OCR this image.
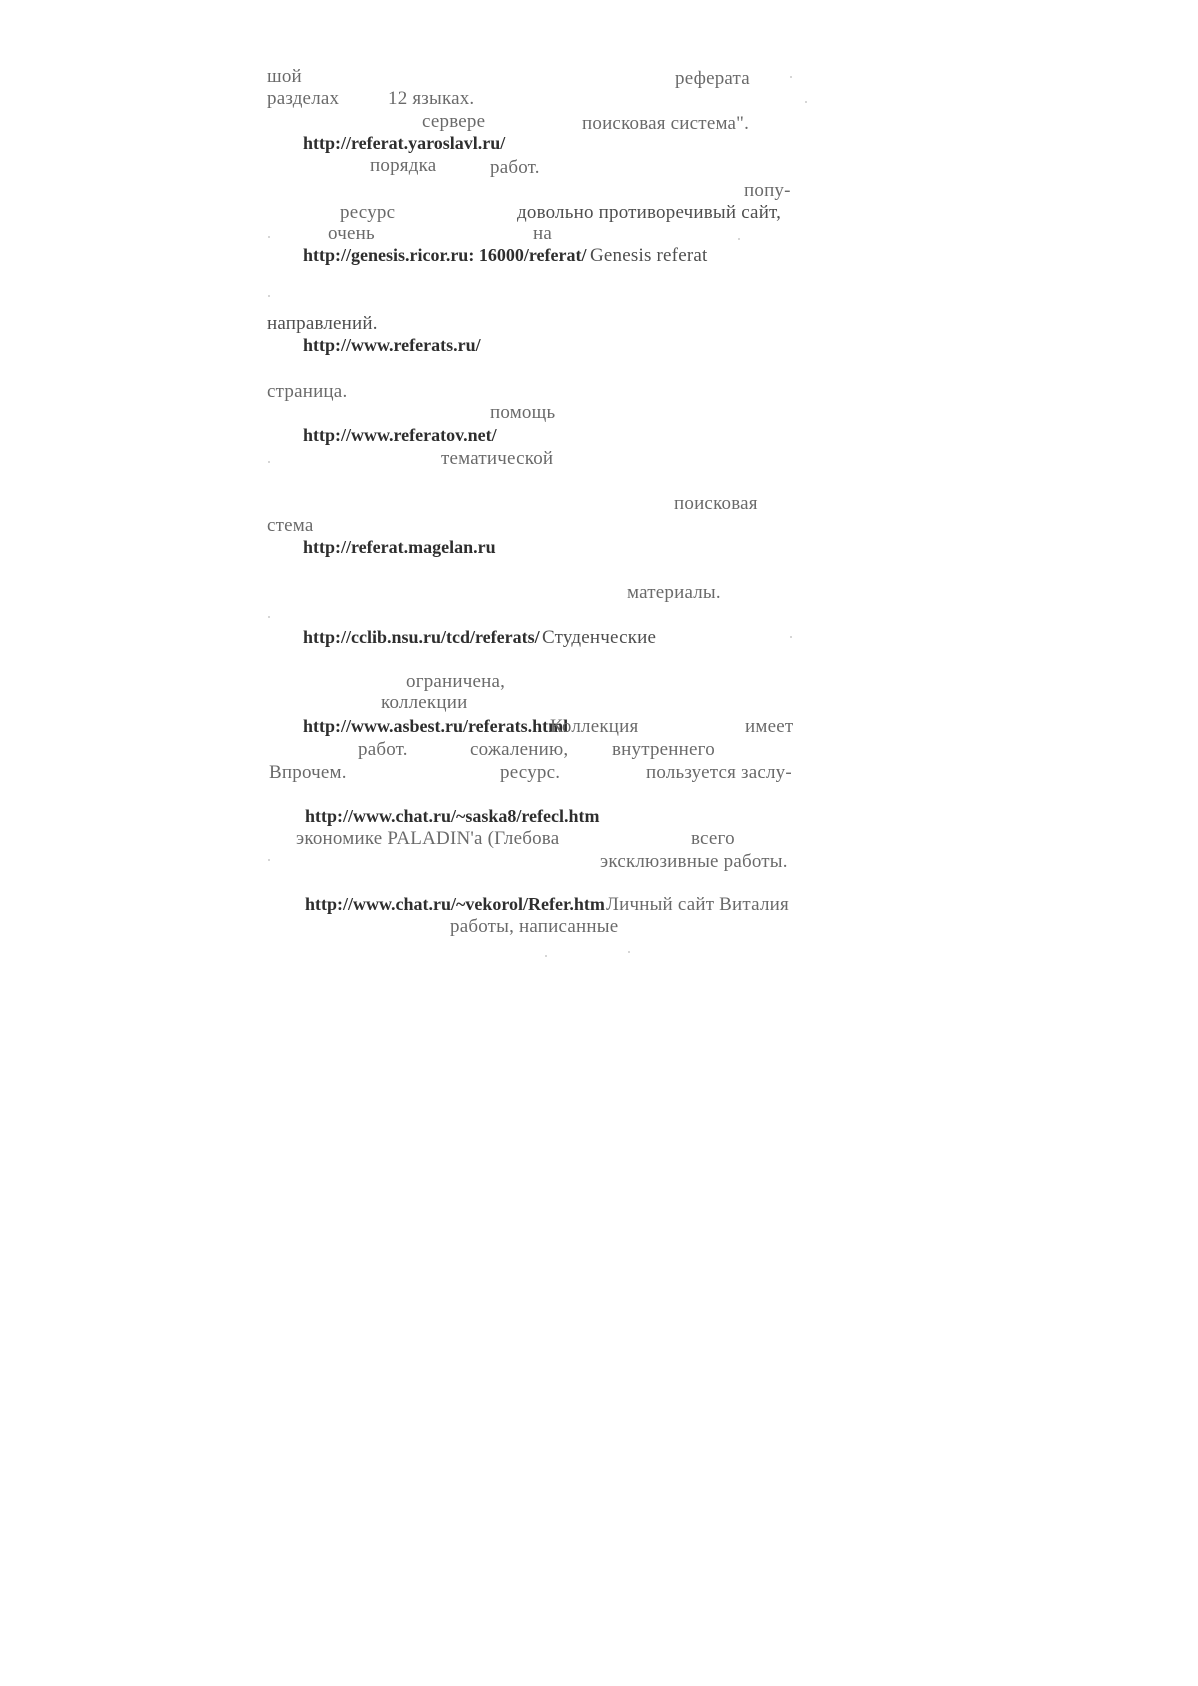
шой	реферата
разделах	12 языках.
сервере	поисковая система".
http://referat.yaroslavl.ru/
порядка	работ.
попу-
ресурс	довольно противоречивый сайт,
очень	на
http://genesis.ricor.ru: 16000/referat/ Genesis referat
направлений.
http://www.referats.ru/
страница.
помощь
http://www.referatov.net/
тематической
поисковая
стема
http://referat.magelan.ru
материалы.
http://cclib.nsu.ru/tcd/referats/ Студенческие
ограничена,
коллекции
http://www.asbest.ru/referats.html
Коллекция	имеет
работ.	сожалению, внутреннего
Впрочем.	ресурс.	пользуется заслу-
http://www.chat.ru/~saska8/refecl.htm
экономике PALADIN'a (Глебова	всего
эксклюзивные работы.
http://www.chat.ru/~vekorol/Refer.htm Личный сайт Виталия
работы, написанные
